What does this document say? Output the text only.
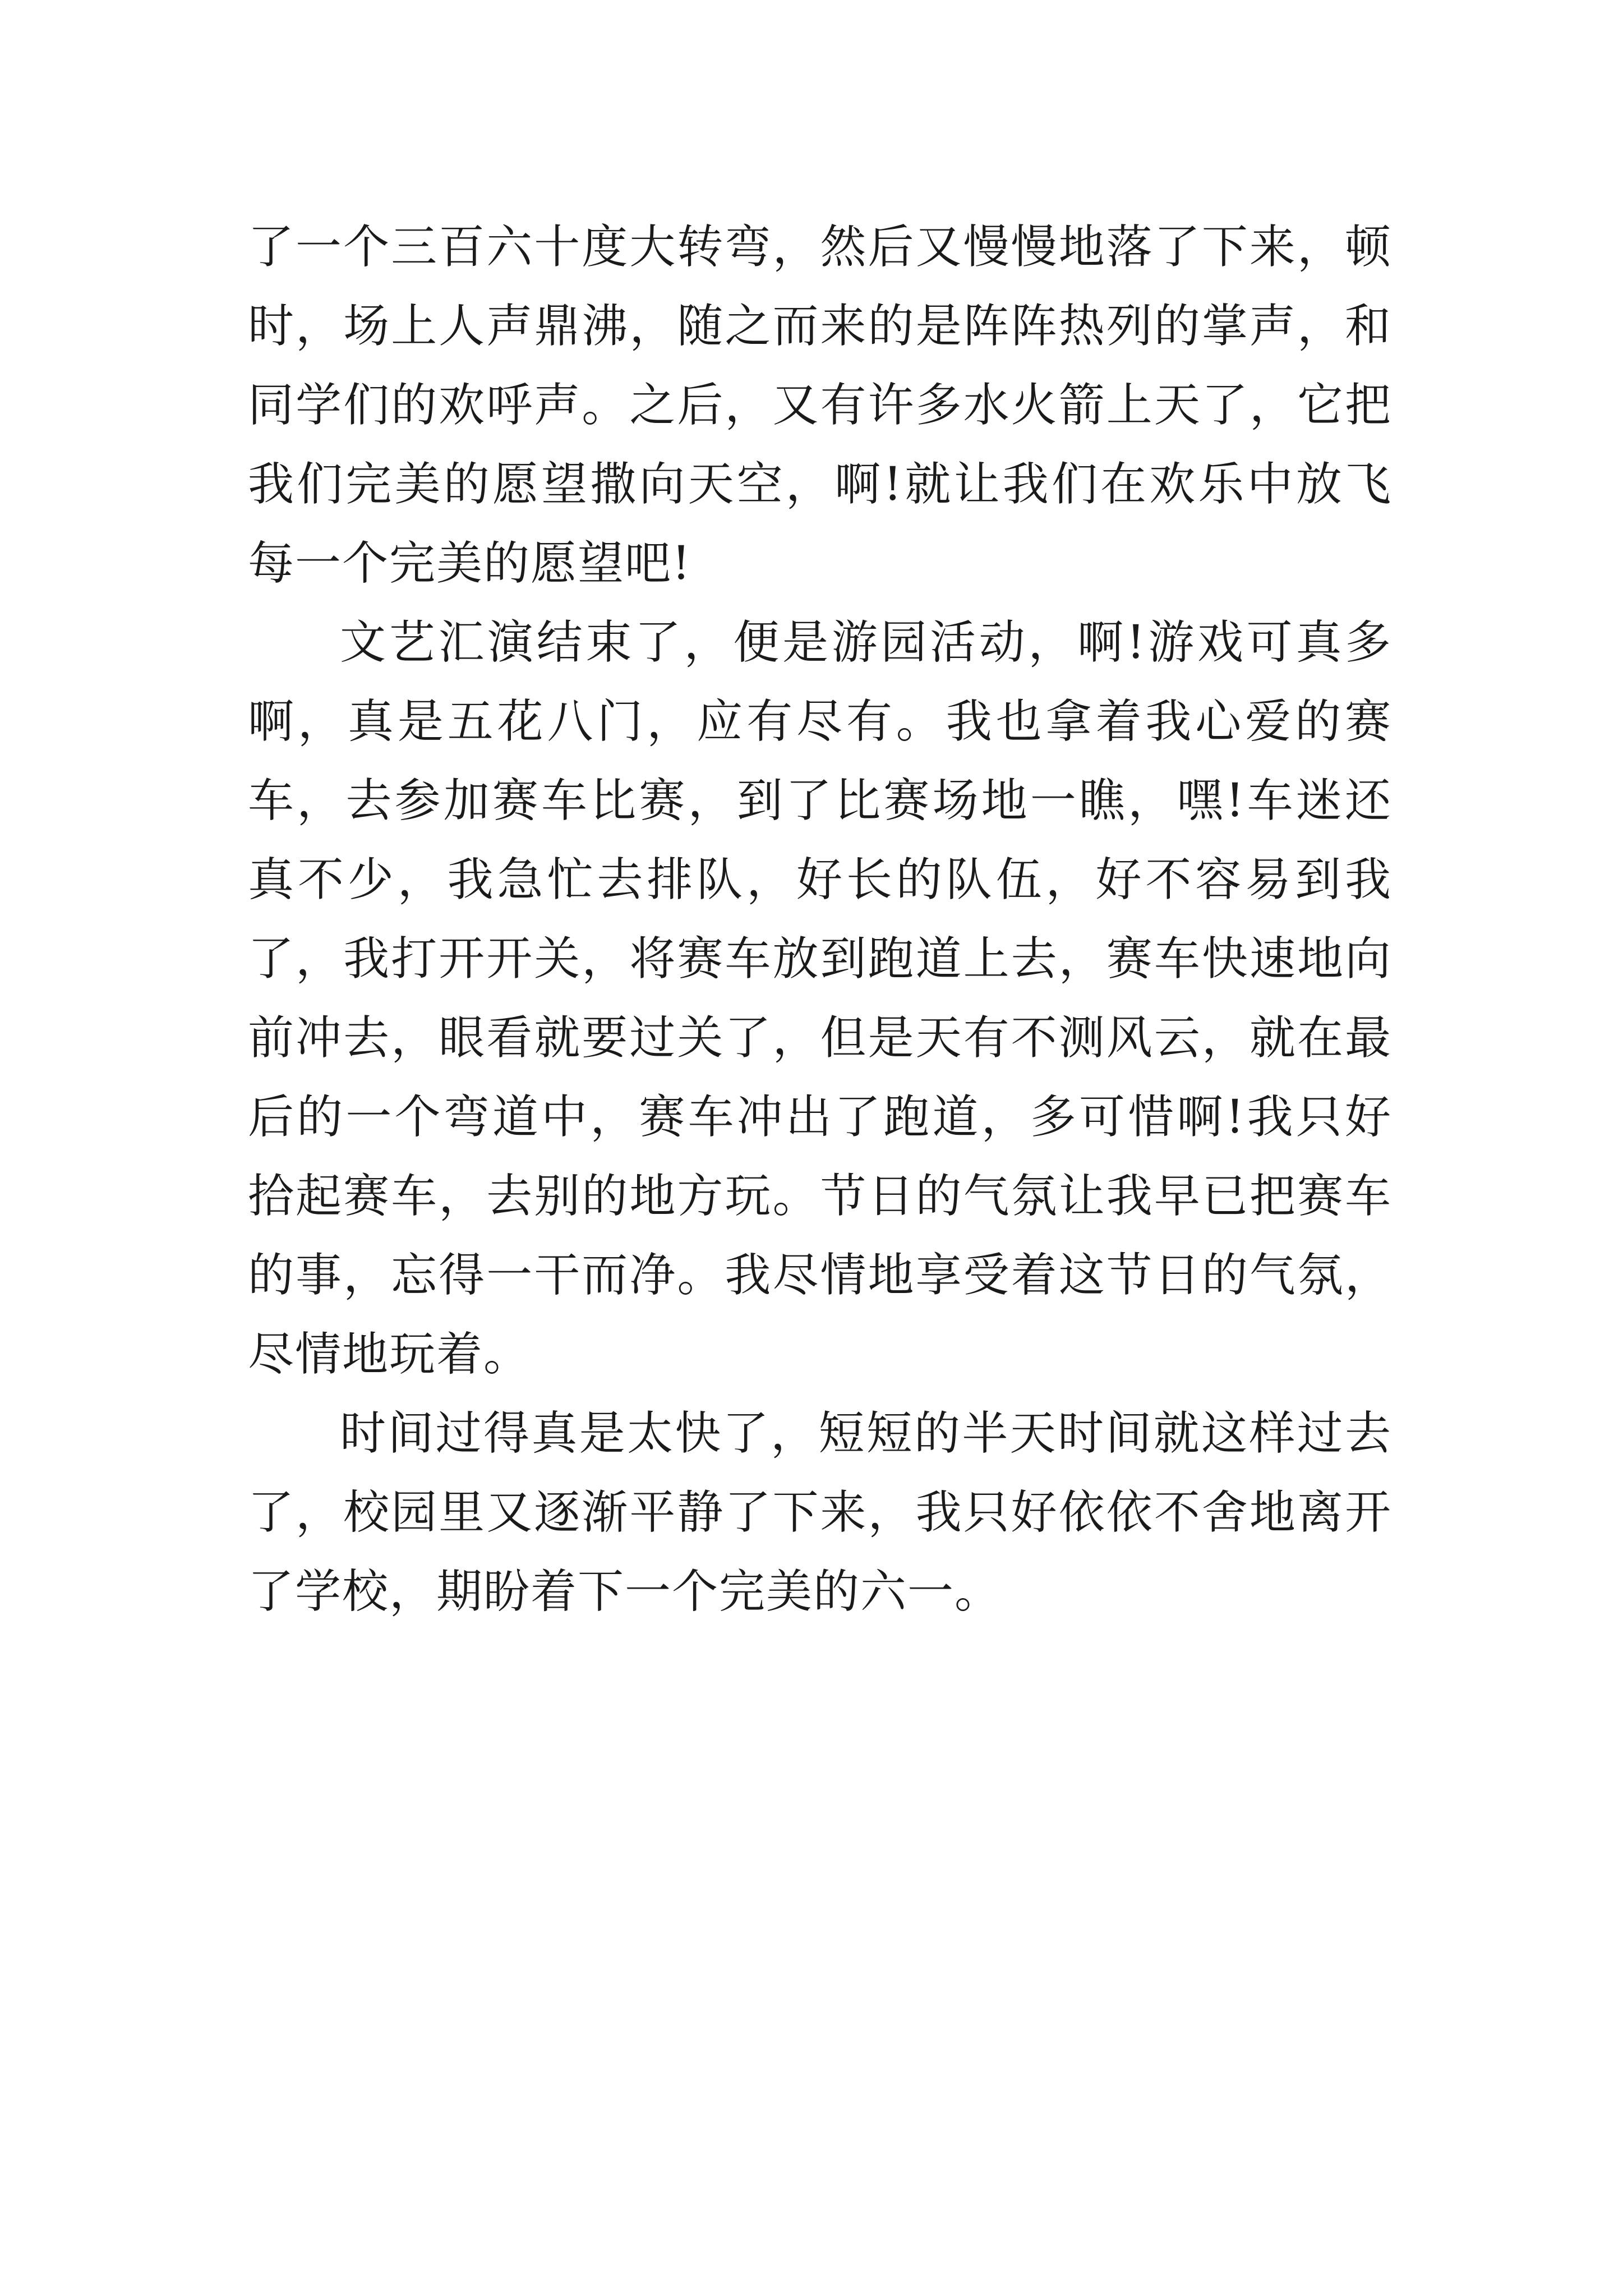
了一个三百六十度大转弯，然后又慢慢地落了下来，顿时，场上人声鼎沸，随之而来的是阵阵热列的掌声，和同学们的欢呼声。之后，又有许多水火箭上天了，它把我们完美的愿望撒向天空，啊!就让我们在欢乐中放飞每一个完美的愿望吧!

文艺汇演结束了，便是游园活动，啊!游戏可真多啊，真是五花八门，应有尽有。我也拿着我心爱的赛车，去参加赛车比赛，到了比赛场地一瞧，嘿!车迷还真不少，我急忙去排队，好长的队伍，好不容易到我了，我打开开关，将赛车放到跑道上去，赛车快速地向前冲去，眼看就要过关了，但是天有不测风云，就在最后的一个弯道中，赛车冲出了跑道，多可惜啊!我只好拾起赛车，去别的地方玩。节日的气氛让我早已把赛车的事，忘得一干而净。我尽情地享受着这节日的气氛，尽情地玩着。

时间过得真是太快了，短短的半天时间就这样过去了，校园里又逐渐平静了下来，我只好依依不舍地离开了学校，期盼着下一个完美的六一。
